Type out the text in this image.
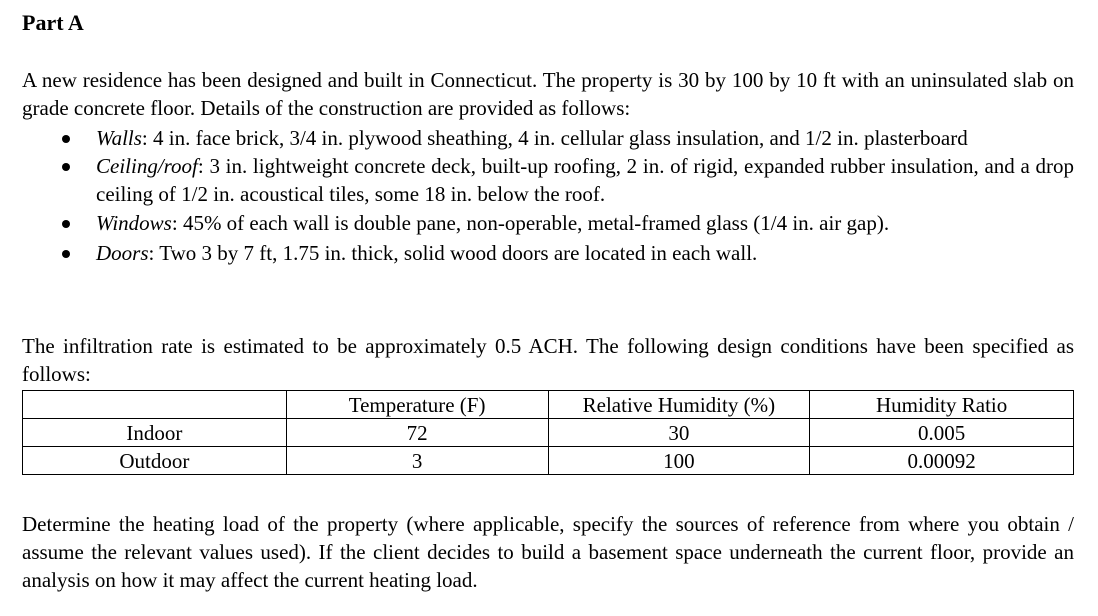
Part A
A new residence has been designed and built in Connecticut. The property is 30 by 100 by 10 ft with an uninsulated slab on grade concrete floor. Details of the construction are provided as follows:
Walls: 4 in. face brick, 3/4 in. plywood sheathing, 4 in. cellular glass insulation, and 1/2 in. plasterboard
Ceiling/roof: 3 in. lightweight concrete deck, built-up roofing, 2 in. of rigid, expanded rubber insulation, and a drop ceiling of 1/2 in. acoustical tiles, some 18 in. below the roof.
Windows: 45% of each wall is double pane, non-operable, metal-framed glass (1/4 in. air gap).
Doors: Two 3 by 7 ft, 1.75 in. thick, solid wood doors are located in each wall.
The infiltration rate is estimated to be approximately 0.5 ACH. The following design conditions have been specified as follows:
	Temperature (F)	Relative Humidity (%)	Humidity Ratio
Indoor	72	30	0.005
Outdoor	3	100	0.00092
Determine the heating load of the property (where applicable, specify the sources of reference from where you obtain / assume the relevant values used). If the client decides to build a basement space underneath the current floor, provide an analysis on how it may affect the current heating load.
